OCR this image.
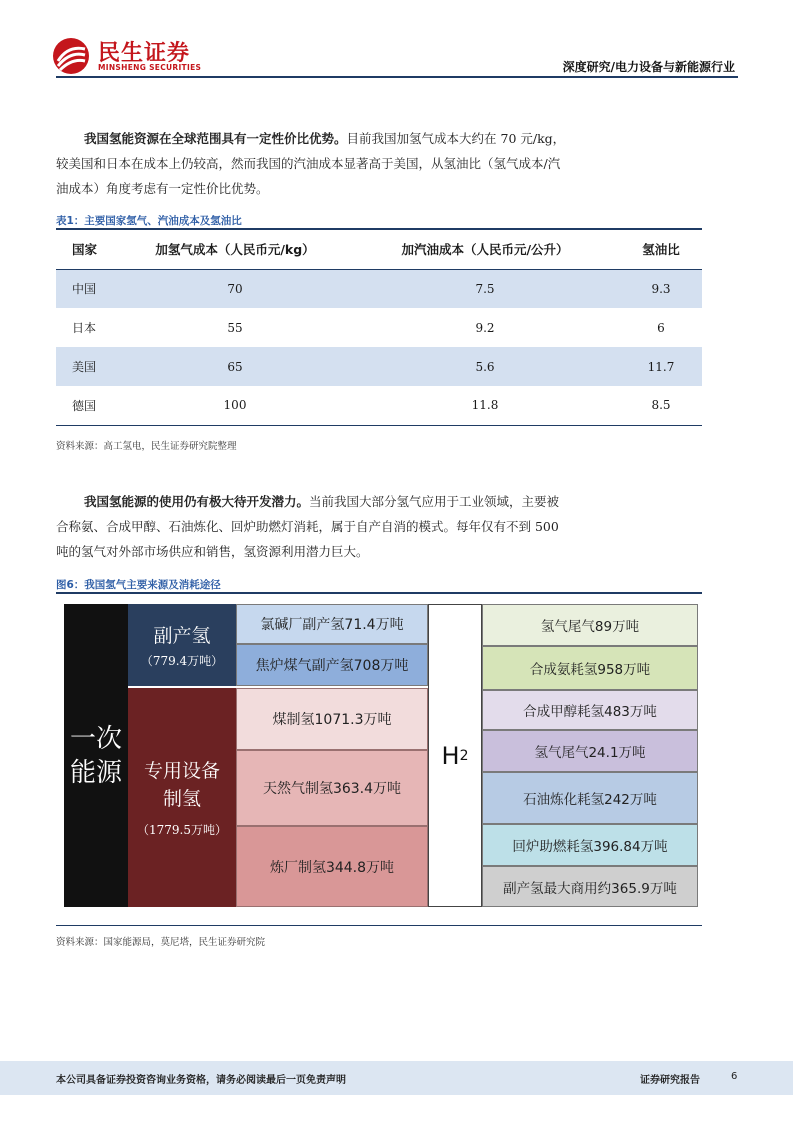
民生证券
MINSHENG SECURITIES	深度研究/电力设备与新能源行业
我国氢能资源在全球范围具有一定性价比优势。目前我国加氢气成本大约在 70 元/kg，
较美国和日本在成本上仍较高，然而我国的汽油成本显著高于美国，从氢油比（氢气成本/汽
油成本）角度考虑有一定性价比优势。
表1：主要国家氢气、汽油成本及氢油比
国家	加氢气成本（人民币元/kg）	加汽油成本（人民币元/公升）	氢油比
中国	70	7.5	9.3
日本	55	9.2	6
美国	65	5.6	11.7
德国	100	11.8	8.5
资料来源：高工氢电，民生证券研究院整理
我国氢能源的使用仍有极大待开发潜力。当前我国大部分氢气应用于工业领域，主要被
合称氨、合成甲醇、石油炼化、回炉助燃灯消耗，属于自产自消的模式。每年仅有不到 500
吨的氢气对外部市场供应和销售，氢资源利用潜力巨大。
图6：我国氢气主要来源及消耗途径
一次
能源
副产氢
（779.4万吨）
专用设备
制氢
（1779.5万吨）
氯碱厂副产氢71.4万吨
焦炉煤气副产氢708万吨
煤制氢1071.3万吨
天然气制氢363.4万吨
炼厂制氢344.8万吨
H 2
氢气尾气89万吨
合成氨耗氢958万吨
合成甲醇耗氢483万吨
氢气尾气24.1万吨
石油炼化耗氢242万吨
回炉助燃耗氢396.84万吨
副产氢最大商用约365.9万吨
资料来源：国家能源局，莫尼塔，民生证券研究院
本公司具备证券投资咨询业务资格，请务必阅读最后一页免责声明	证券研究报告	6
